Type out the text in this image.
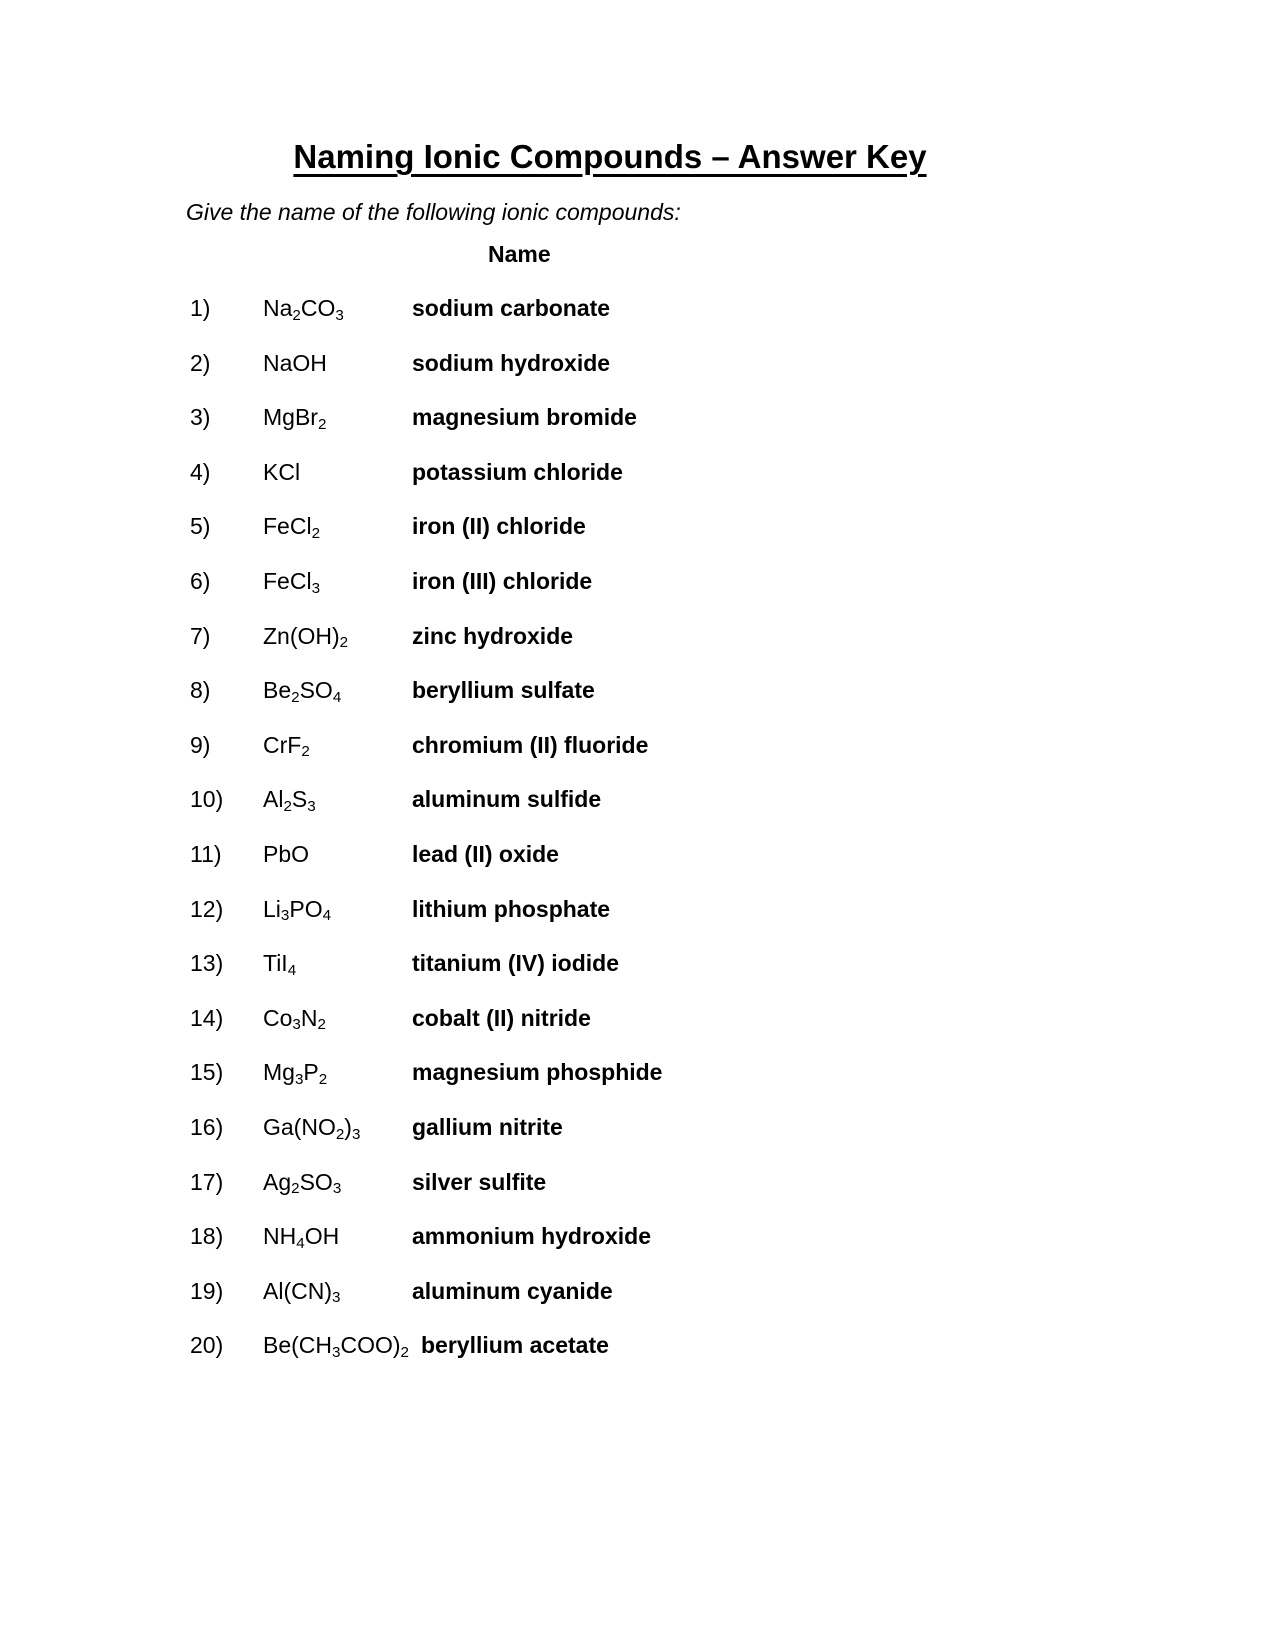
Naming Ionic Compounds – Answer Key
Give the name of the following ionic compounds:
Name
1)	$Na_2CO_3$	sodium carbonate
2)	NaOH	sodium hydroxide
3)	MgBr$_2$	magnesium bromide
4)	KCl	potassium chloride
5)	FeCl$_2$	iron (II) chloride
6)	FeCl$_3$	iron (III) chloride
7)	$Zn(OH)_2$	zinc hydroxide
8)	$Be_2SO_4$	beryllium sulfate
9)	CrF$_2$	chromium (II) fluoride
10)	$Al_2S_3$	aluminum sulfide
11)	PbO	lead (II) oxide
12)	$Li_3PO_4$	lithium phosphate
13)	TiI$_4$	titanium (IV) iodide
14)	$Co_3N_2$	cobalt (II) nitride
15)	$Mg_3P_2$	magnesium phosphide
16)	$Ga(NO_2)_3$	gallium nitrite
17)	$Ag_2SO_3$	silver sulfite
18)	$NH_4OH$	ammonium hydroxide
19)	$Al(CN)_3$	aluminum cyanide
20)	$Be(CH_3COO)_2$ beryllium acetate
